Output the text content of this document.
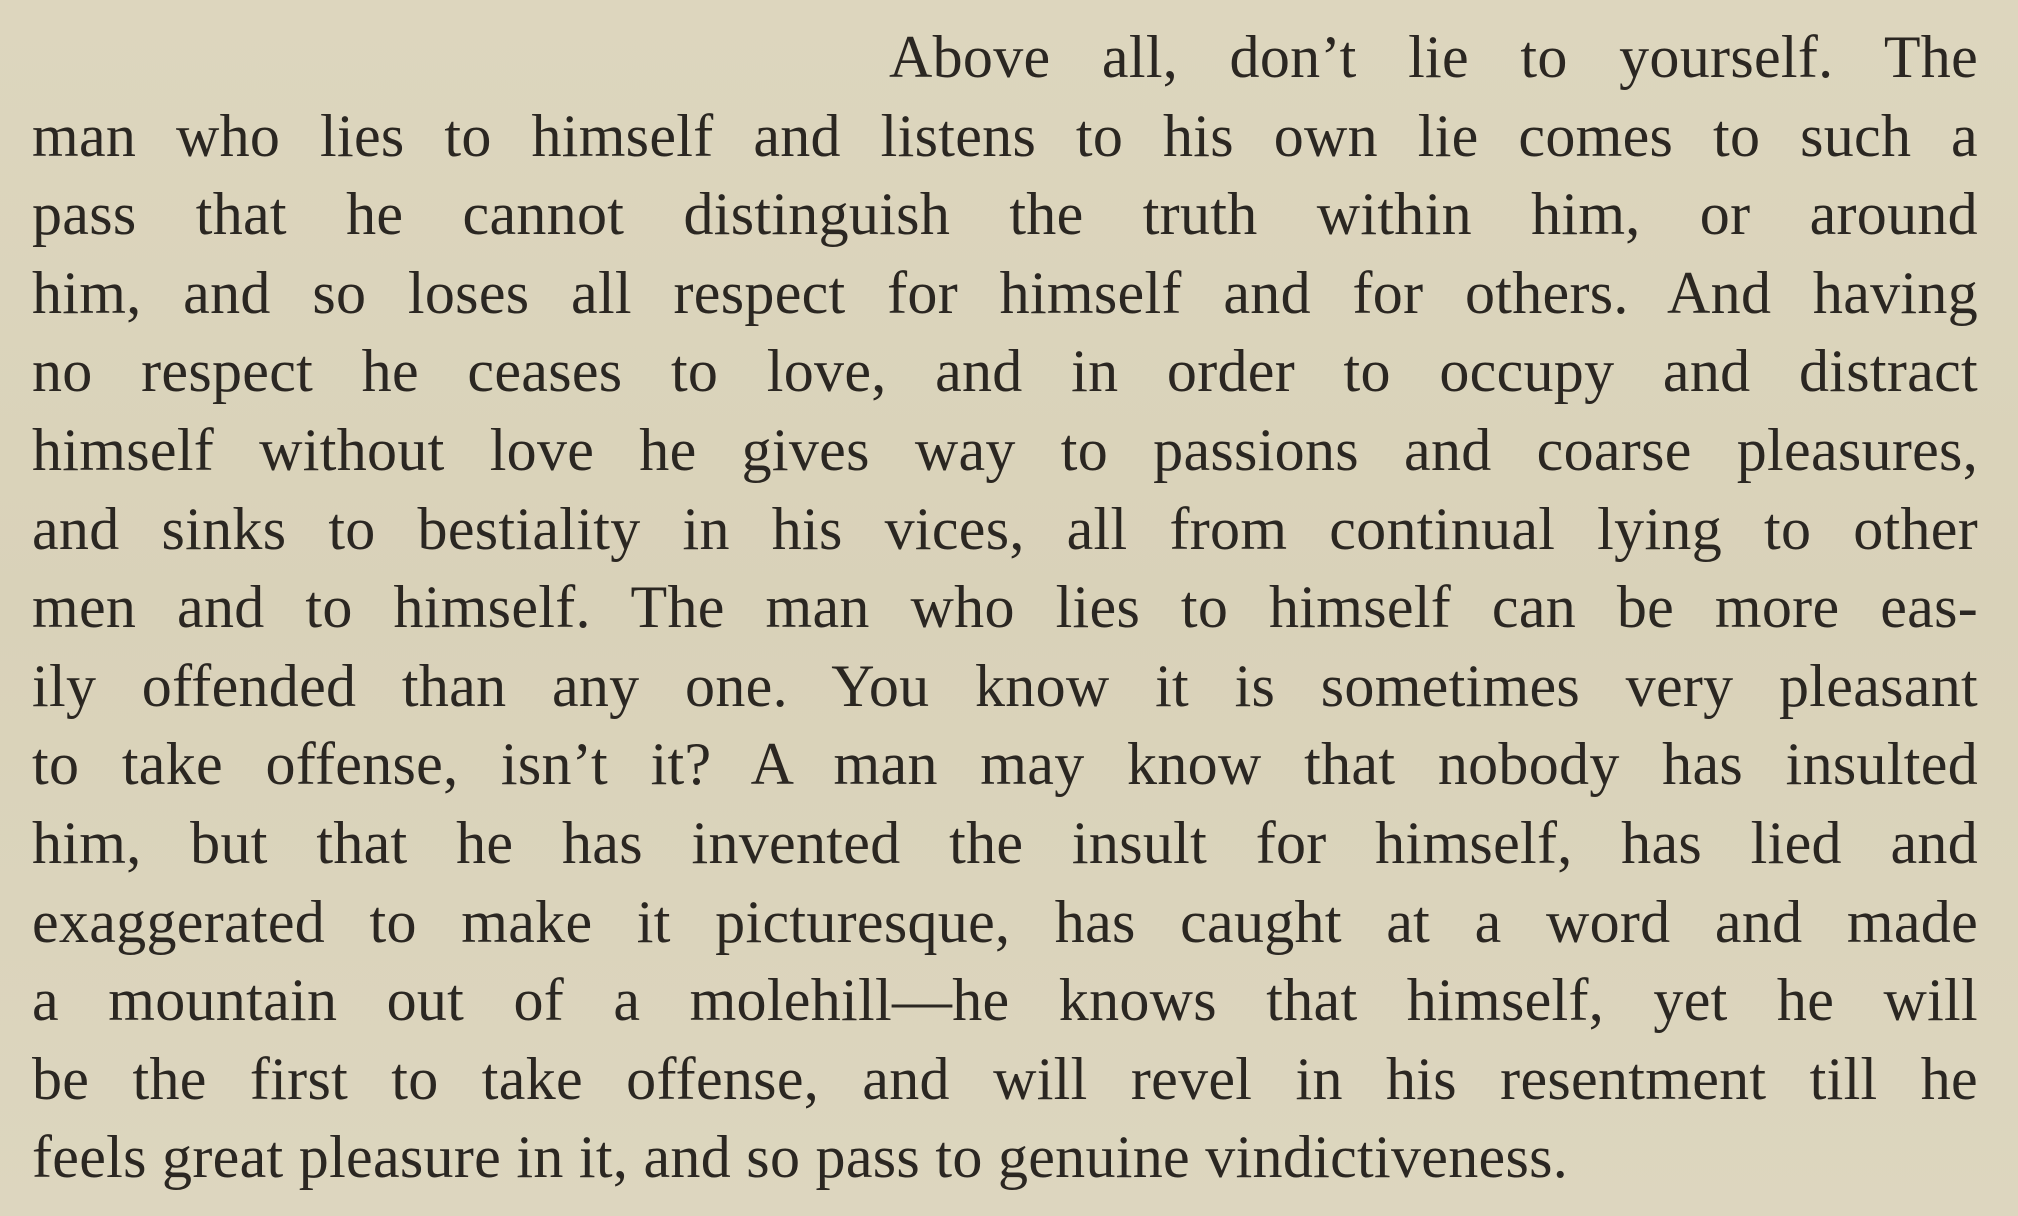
Above all, don’t lie to yourself. The
man who lies to himself and listens to his own lie comes to such a
pass that he cannot distinguish the truth within him, or around
him, and so loses all respect for himself and for others. And having
no respect he ceases to love, and in order to occupy and distract
himself without love he gives way to passions and coarse pleasures,
and sinks to bestiality in his vices, all from continual lying to other
men and to himself. The man who lies to himself can be more eas-
ily offended than any one. You know it is sometimes very pleasant
to take offense, isn’t it? A man may know that nobody has insulted
him, but that he has invented the insult for himself, has lied and
exaggerated to make it picturesque, has caught at a word and made
a mountain out of a molehill—he knows that himself, yet he will
be the first to take offense, and will revel in his resentment till he
feels great pleasure in it, and so pass to genuine vindictiveness.
